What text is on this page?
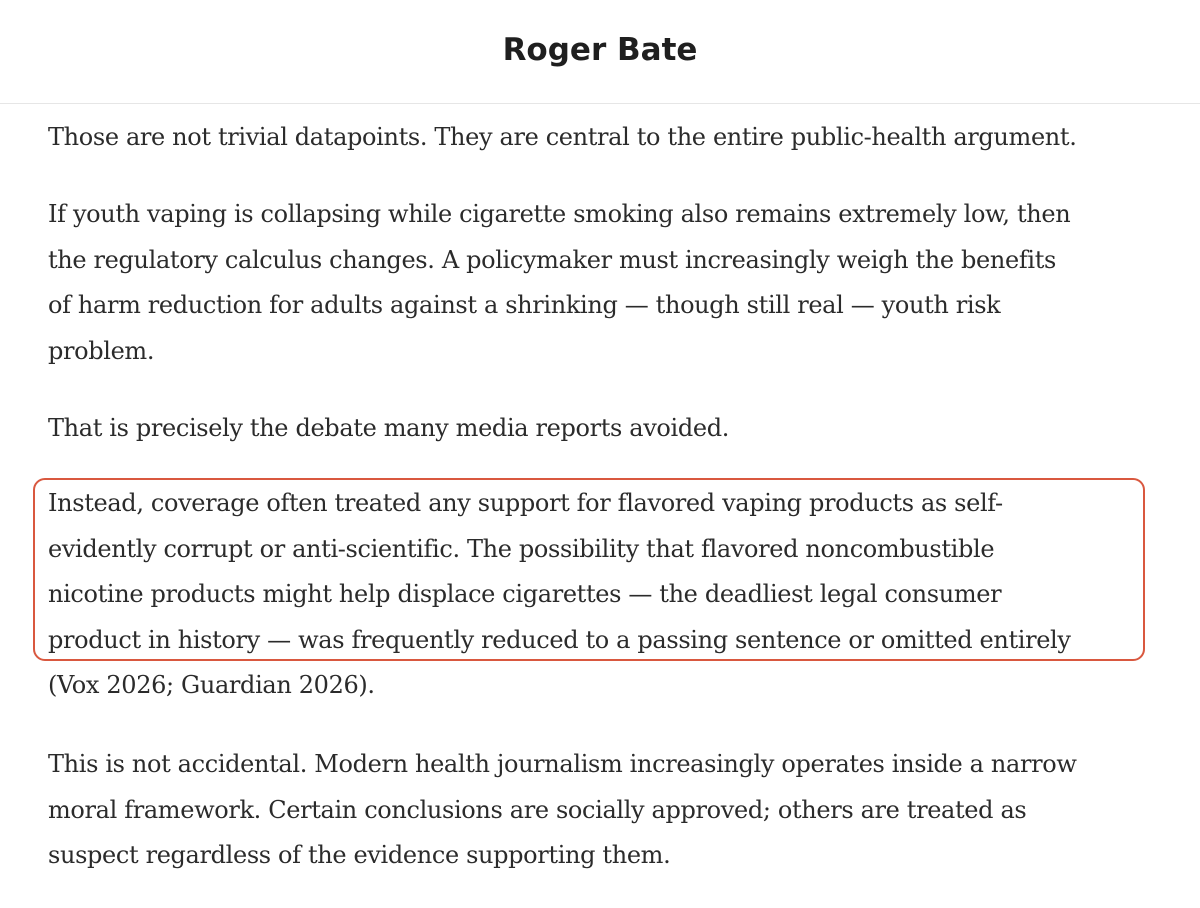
Roger Bate

Those are not trivial datapoints. They are central to the entire public-health argument.

If youth vaping is collapsing while cigarette smoking also remains extremely low, then
the regulatory calculus changes. A policymaker must increasingly weigh the benefits
of harm reduction for adults against a shrinking — though still real — youth risk
problem.

That is precisely the debate many media reports avoided.

Instead, coverage often treated any support for flavored vaping products as self-
evidently corrupt or anti-scientific. The possibility that flavored noncombustible
nicotine products might help displace cigarettes — the deadliest legal consumer
product in history — was frequently reduced to a passing sentence or omitted entirely
(Vox 2026; Guardian 2026).

This is not accidental. Modern health journalism increasingly operates inside a narrow
moral framework. Certain conclusions are socially approved; others are treated as
suspect regardless of the evidence supporting them.
